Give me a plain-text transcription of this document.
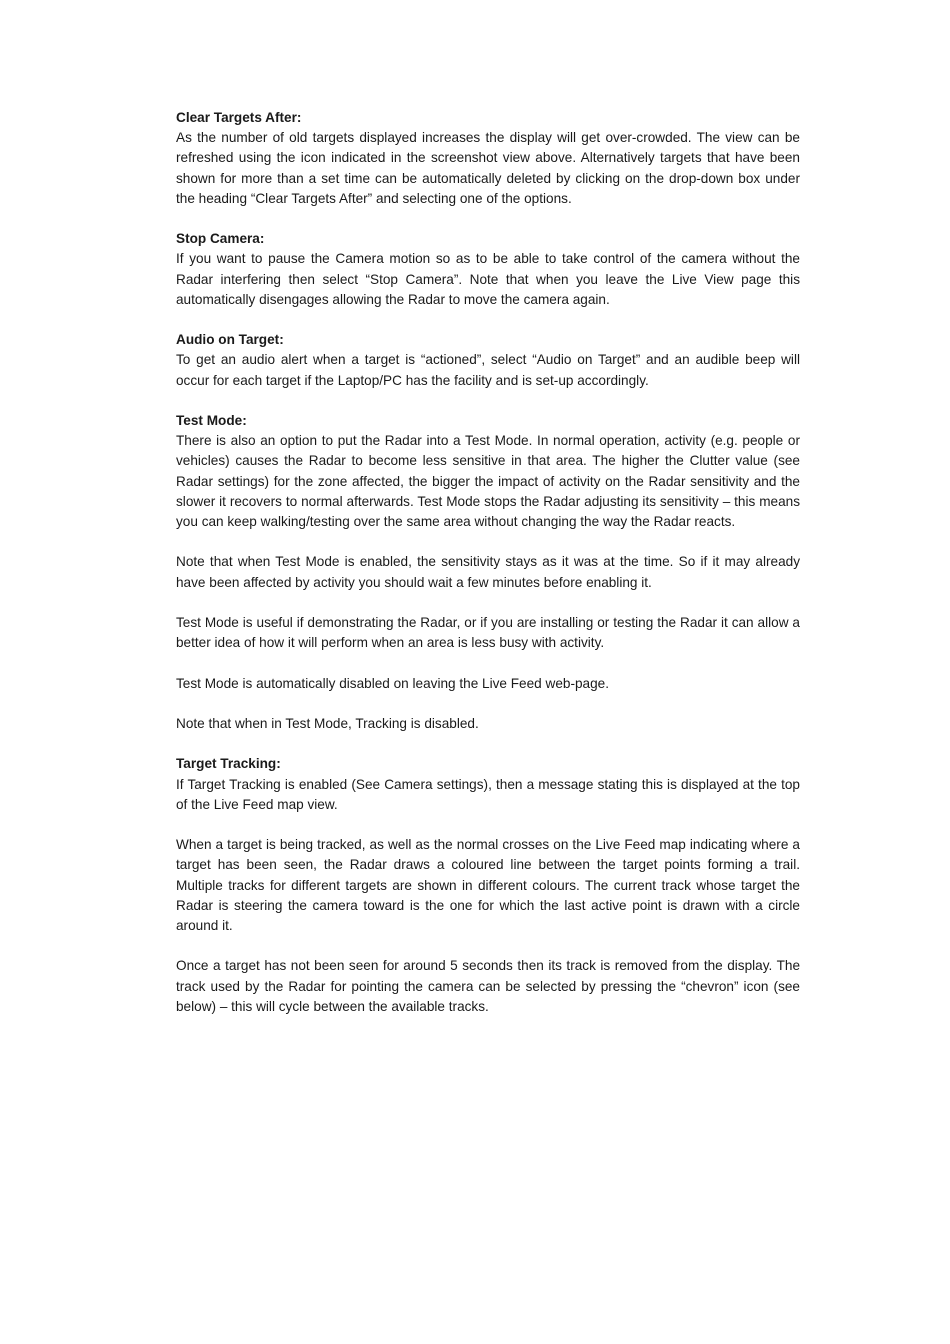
Clear Targets After:

As the number of old targets displayed increases the display will get over-crowded. The view can be refreshed using the icon indicated in the screenshot view above. Alternatively targets that have been shown for more than a set time can be automatically deleted by clicking on the drop-down box under the heading “Clear Targets After” and selecting one of the options.

Stop Camera:

If you want to pause the Camera motion so as to be able to take control of the camera without the Radar interfering then select “Stop Camera”. Note that when you leave the Live View page this automatically disengages allowing the Radar to move the camera again.

Audio on Target:

To get an audio alert when a target is “actioned”, select “Audio on Target” and an audible beep will occur for each target if the Laptop/PC has the facility and is set-up accordingly.

Test Mode:

There is also an option to put the Radar into a Test Mode. In normal operation, activity (e.g. people or vehicles) causes the Radar to become less sensitive in that area. The higher the Clutter value (see Radar settings) for the zone affected, the bigger the impact of activity on the Radar sensitivity and the slower it recovers to normal afterwards. Test Mode stops the Radar adjusting its sensitivity – this means you can keep walking/testing over the same area without changing the way the Radar reacts.

Note that when Test Mode is enabled, the sensitivity stays as it was at the time. So if it may already have been affected by activity you should wait a few minutes before enabling it.

Test Mode is useful if demonstrating the Radar, or if you are installing or testing the Radar it can allow a better idea of how it will perform when an area is less busy with activity.

Test Mode is automatically disabled on leaving the Live Feed web-page.

Note that when in Test Mode, Tracking is disabled.

Target Tracking:

If Target Tracking is enabled (See Camera settings), then a message stating this is displayed at the top of the Live Feed map view.

When a target is being tracked, as well as the normal crosses on the Live Feed map indicating where a target has been seen, the Radar draws a coloured line between the target points forming a trail. Multiple tracks for different targets are shown in different colours. The current track whose target the Radar is steering the camera toward is the one for which the last active point is drawn with a circle around it.

Once a target has not been seen for around 5 seconds then its track is removed from the display. The track used by the Radar for pointing the camera can be selected by pressing the “chevron” icon (see below) – this will cycle between the available tracks.
